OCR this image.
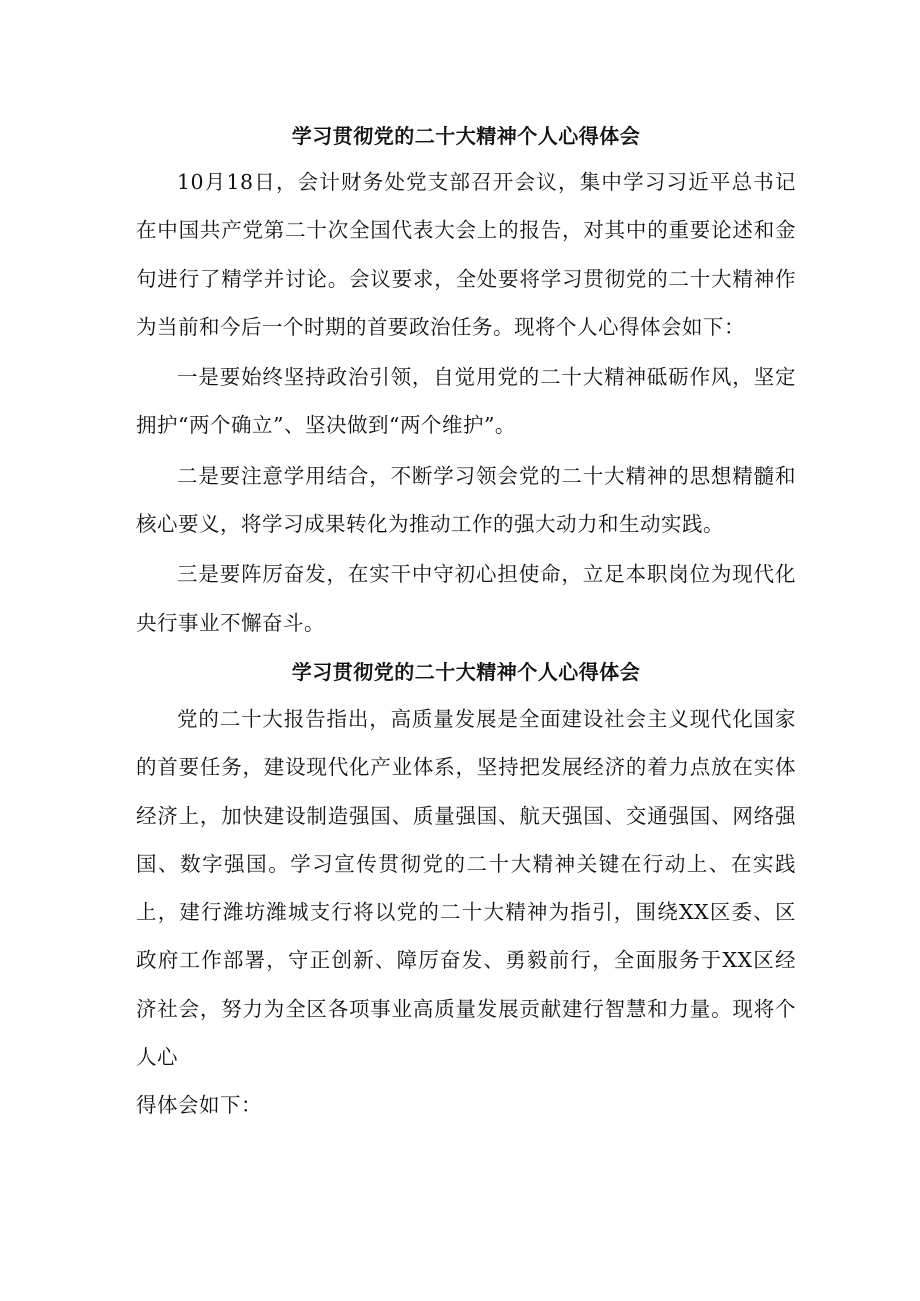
学习贯彻党的二十大精神个人心得体会

10月18日，会计财务处党支部召开会议，集中学习习近平总书记在中国共产党第二十次全国代表大会上的报告，对其中的重要论述和金句进行了精学并讨论。会议要求，全处要将学习贯彻党的二十大精神作为当前和今后一个时期的首要政治任务。现将个人心得体会如下：

一是要始终坚持政治引领，自觉用党的二十大精神砥砺作风，坚定拥护“两个确立”、坚决做到“两个维护”。

二是要注意学用结合，不断学习领会党的二十大精神的思想精髓和核心要义，将学习成果转化为推动工作的强大动力和生动实践。

三是要阵厉奋发，在实干中守初心担使命，立足本职岗位为现代化央行事业不懈奋斗。

学习贯彻党的二十大精神个人心得体会

党的二十大报告指出，高质量发展是全面建设社会主义现代化国家的首要任务，建设现代化产业体系，坚持把发展经济的着力点放在实体经济上，加快建设制造强国、质量强国、航天强国、交通强国、网络强国、数字强国。学习宣传贯彻党的二十大精神关键在行动上、在实践上，建行潍坊潍城支行将以党的二十大精神为指引，围绕XX区委、区政府工作部署，守正创新、障厉奋发、勇毅前行，全面服务于XX区经济社会，努力为全区各项事业高质量发展贡献建行智慧和力量。现将个人心

得体会如下：
